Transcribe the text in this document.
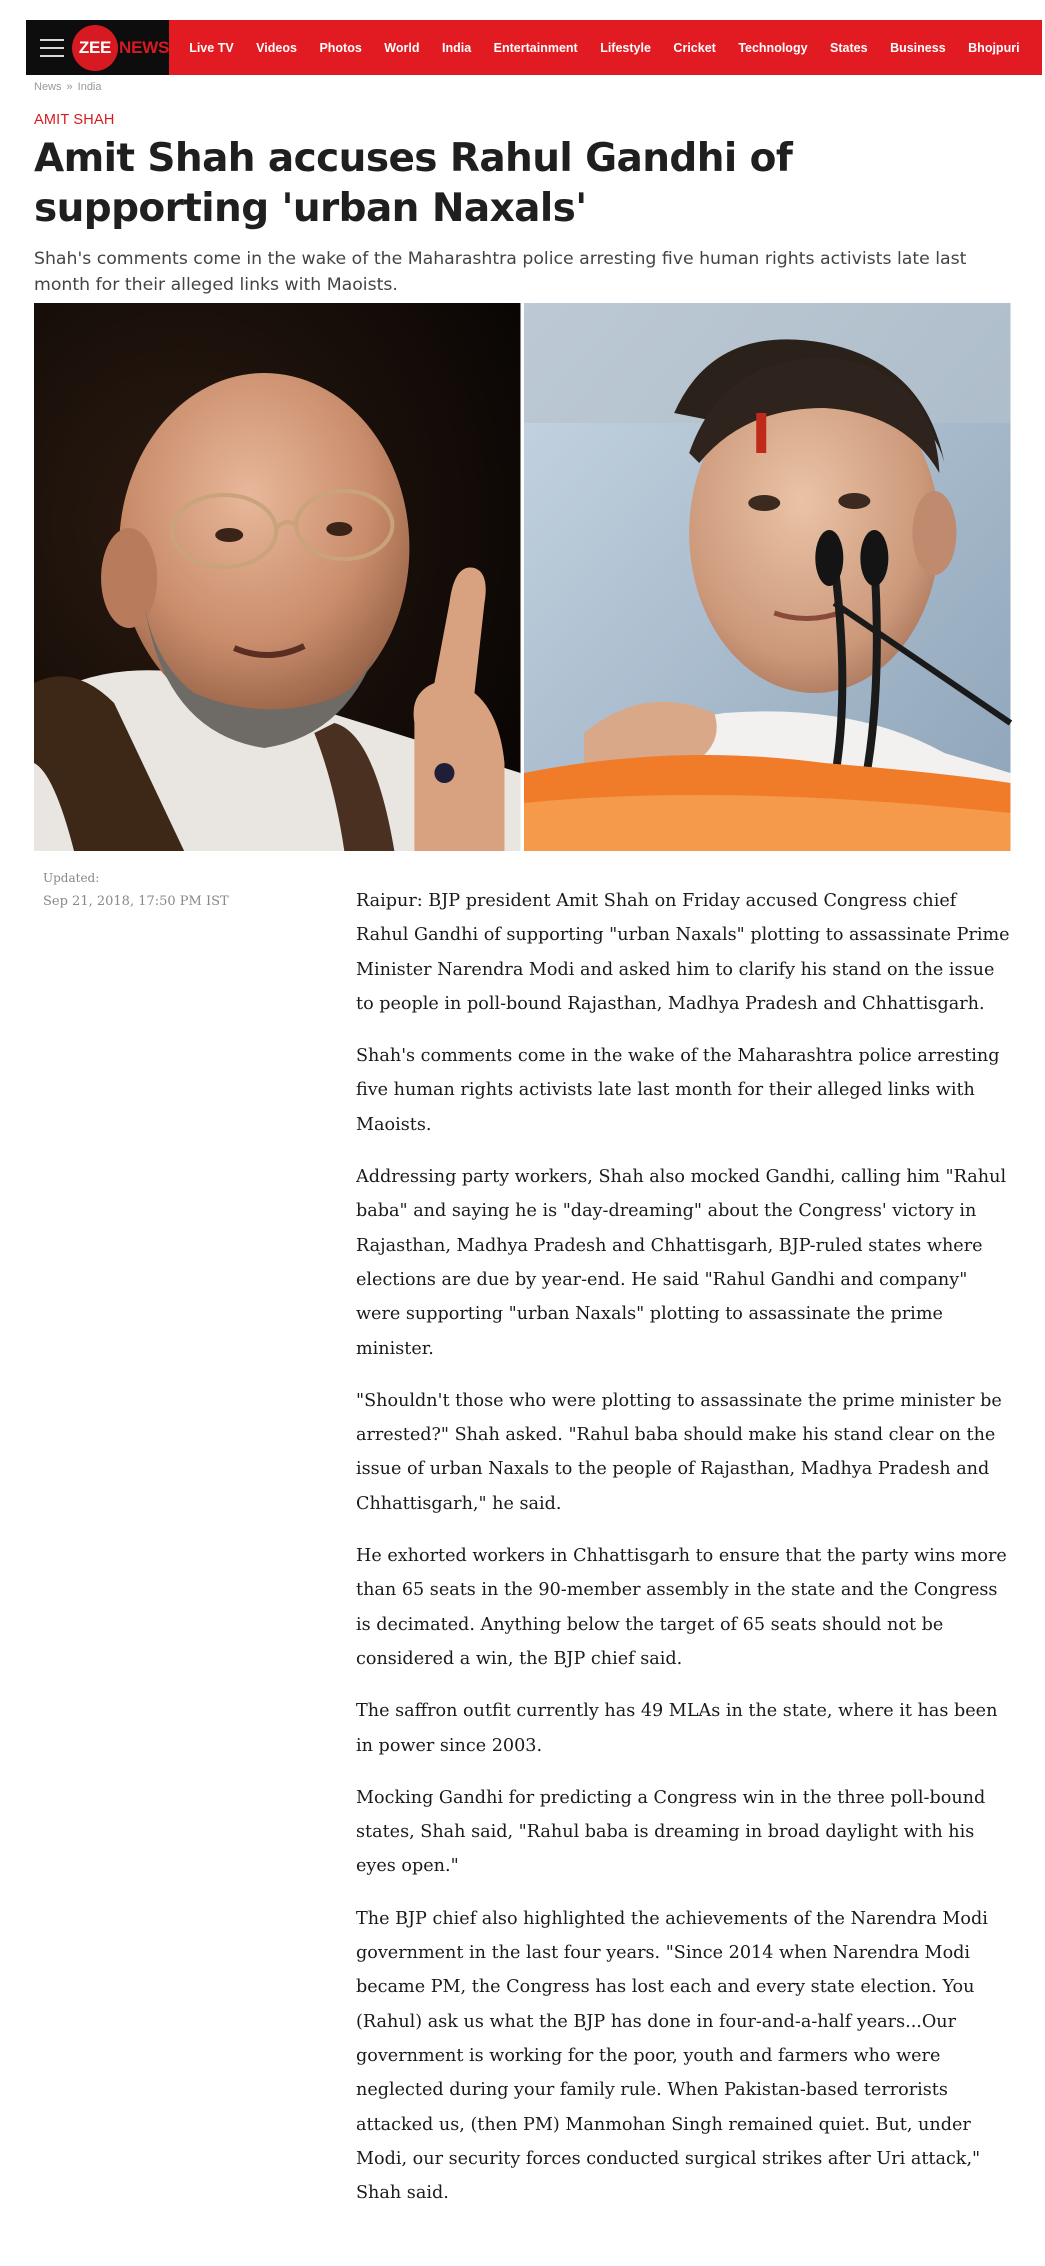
ZEE NEWS Live TV Videos Photos World India Entertainment Lifestyle Cricket Technology States Business Bhojpuri
News » India
AMIT SHAH
Amit Shah accuses Rahul Gandhi of supporting 'urban Naxals'

Shah's comments come in the wake of the Maharashtra police arresting five human rights activists late last month for their alleged links with Maoists.

Updated:
Sep 21, 2018, 17:50 PM IST	Raipur: BJP president Amit Shah on Friday accused Congress chief Rahul Gandhi of supporting "urban Naxals" plotting to assassinate Prime Minister Narendra Modi and asked him to clarify his stand on the issue to people in poll-bound Rajasthan, Madhya Pradesh and Chhattisgarh.

Shah's comments come in the wake of the Maharashtra police arresting five human rights activists late last month for their alleged links with Maoists.

Addressing party workers, Shah also mocked Gandhi, calling him "Rahul baba" and saying he is "day-dreaming" about the Congress' victory in Rajasthan, Madhya Pradesh and Chhattisgarh, BJP-ruled states where elections are due by year-end. He said "Rahul Gandhi and company" were supporting "urban Naxals" plotting to assassinate the prime minister.

"Shouldn't those who were plotting to assassinate the prime minister be arrested?" Shah asked. "Rahul baba should make his stand clear on the issue of urban Naxals to the people of Rajasthan, Madhya Pradesh and Chhattisgarh," he said.

He exhorted workers in Chhattisgarh to ensure that the party wins more than 65 seats in the 90-member assembly in the state and the Congress is decimated. Anything below the target of 65 seats should not be considered a win, the BJP chief said.

The saffron outfit currently has 49 MLAs in the state, where it has been in power since 2003.

Mocking Gandhi for predicting a Congress win in the three poll-bound states, Shah said, "Rahul baba is dreaming in broad daylight with his eyes open."

The BJP chief also highlighted the achievements of the Narendra Modi government in the last four years. "Since 2014 when Narendra Modi became PM, the Congress has lost each and every state election. You (Rahul) ask us what the BJP has done in four-and-a-half years...Our government is working for the poor, youth and farmers who were neglected during your family rule. When Pakistan-based terrorists attacked us, (then PM) Manmohan Singh remained quiet. But, under Modi, our security forces conducted surgical strikes after Uri attack," Shah said.
